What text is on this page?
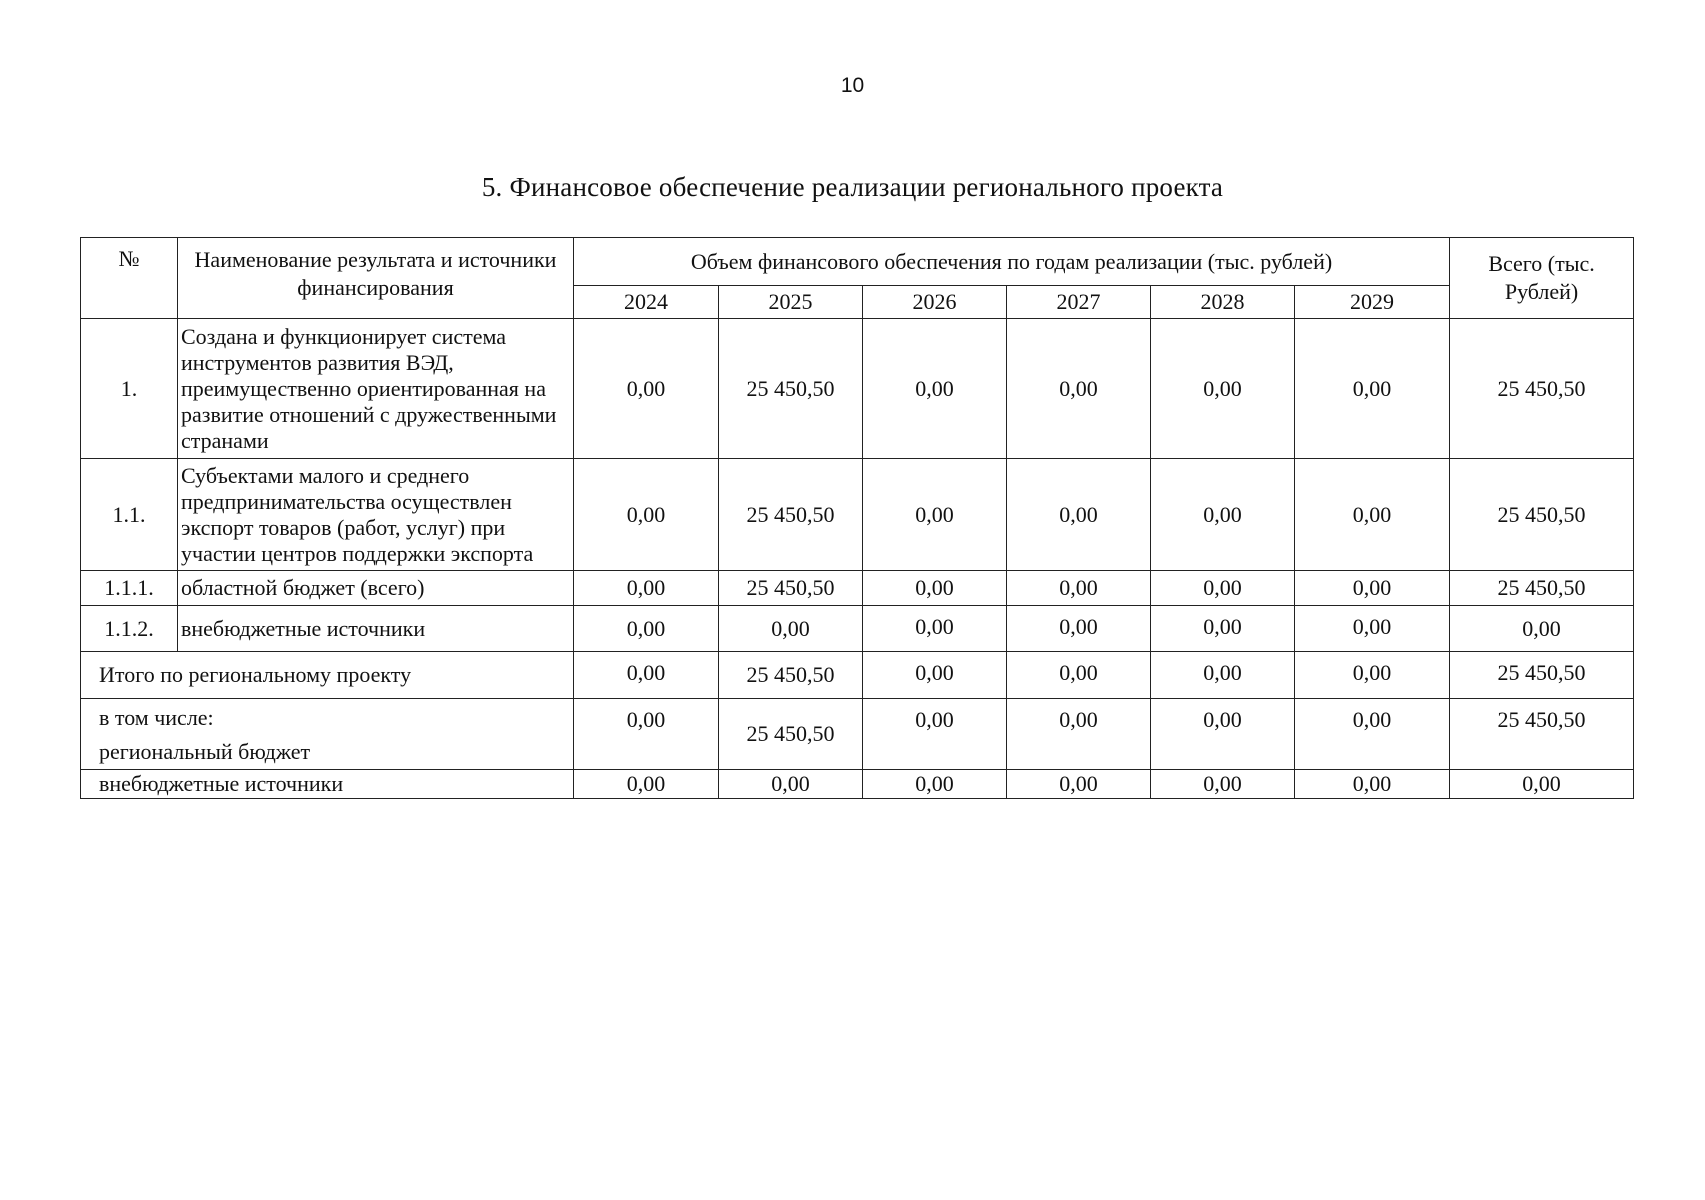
10
5. Финансовое обеспечение реализации регионального проекта
№	Наименование результата и источники финансирования	Объем финансового обеспечения по годам реализации (тыс. рублей)						Всего (тыс. Рублей)
		2024	2025	2026	2027	2028	2029	
1.	Создана и функционирует система инструментов развития ВЭД, преимущественно ориентированная на развитие отношений с дружественными странами	0,00	25 450,50	0,00	0,00	0,00	0,00	25 450,50
1.1.	Субъектами малого и среднего предпринимательства осуществлен экспорт товаров (работ, услуг) при участии центров поддержки экспорта	0,00	25 450,50	0,00	0,00	0,00	0,00	25 450,50
1.1.1.	областной бюджет (всего)	0,00	25 450,50	0,00	0,00	0,00	0,00	25 450,50
1.1.2.	внебюджетные источники	0,00	0,00	0,00	0,00	0,00	0,00	0,00
Итого по региональному проекту		0,00	25 450,50	0,00	0,00	0,00	0,00	25 450,50

в том числе:
региональный бюджет		0,00	25 450,50	0,00	0,00	0,00	0,00	25 450,50
внебюджетные источники		0,00	0,00	0,00	0,00	0,00	0,00	0,00
